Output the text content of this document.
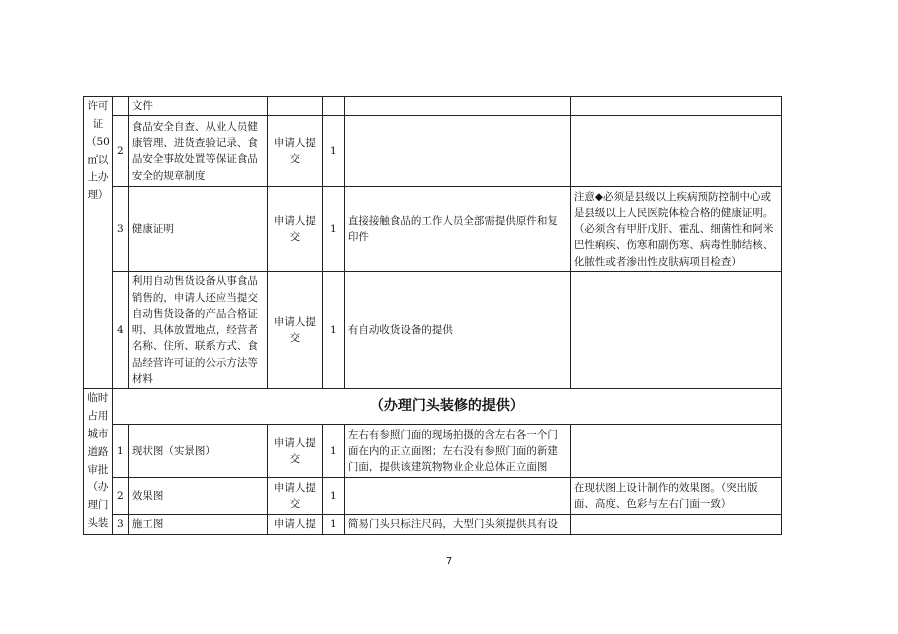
许可证（50㎡以上办理）		文件				
	2	食品安全自查、从业人员健康管理、进货查验记录、食品安全事故处置等保证食品安全的规章制度	申请人提交	1		
	3	健康证明	申请人提交	1	直接接触食品的工作人员全部需提供原件和复印件	注意◆必须是县级以上疾病预防控制中心或是县级以上人民医院体检合格的健康证明。（必须含有甲肝戊肝、霍乱、细菌性和阿米巴性痢疾、伤寒和副伤寒、病毒性肺结核、化脓性或者渗出性皮肤病项目检查）
	4	利用自动售货设备从事食品销售的，申请人还应当提交自动售货设备的产品合格证明、具体放置地点，经营者名称、住所、联系方式、食品经营许可证的公示方法等材料	申请人提交	1	有自动收货设备的提供	
临时占用城市道路审批（办理门头装	（办理门头装修的提供）					
	1	现状图（实景图）	申请人提交	1	左右有参照门面的现场拍摄的含左右各一个门面在内的正立面图；左右没有参照门面的新建门面，提供该建筑物物业企业总体正立面图	
	2	效果图	申请人提交	1		在现状图上设计制作的效果图。（突出版面、高度、色彩与左右门面一致）
	3	施工图	申请人提	1	简易门头只标注尺码，大型门头须提供具有设	
7
